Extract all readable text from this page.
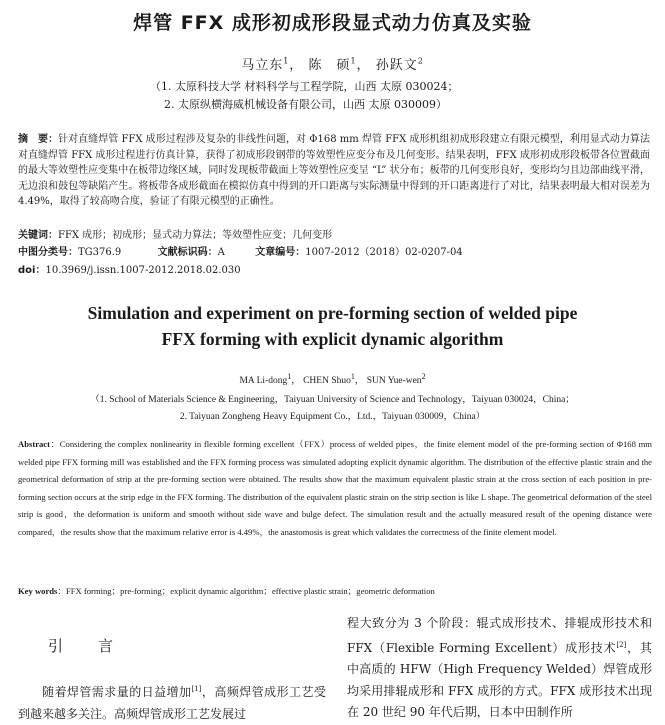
焊管 FFX 成形初成形段显式动力仿真及实验
马立东$^1$， 陈　硕$^1$， 孙跃文$^2$
（1. 太原科技大学 材料科学与工程学院，山西 太原 030024；
2. 太原纵横海威机械设备有限公司，山西 太原 030009）
摘　要：针对直缝焊管 FFX 成形过程涉及复杂的非线性问题，对 Φ168 mm 焊管 FFX 成形机组初成形段建立有限元模型，利用显式动力算法对直缝焊管 FFX 成形过程进行仿真计算，获得了初成形段钢带的等效塑性应变分布及几何变形。结果表明，FFX 成形初成形段板带各位置截面的最大等效塑性应变集中在板带边缘区域，同时发现板带截面上等效塑性应变呈 “L” 状分布；板带的几何变形良好，变形均匀且边部曲线平滑，无边浪和鼓包等缺陷产生。将板带各成形截面在模拟仿真中得到的开口距离与实际测量中得到的开口距离进行了对比，结果表明最大相对误差为 4.49%，取得了较高吻合度，验证了有限元模型的正确性。
关键词：FFX 成形；初成形；显式动力算法；等效塑性应变；几何变形
中图分类号：TG376.9	文献标识码：A	文章编号：1007-2012（2018）02-0207-04
doi：10.3969/j.issn.1007-2012.2018.02.030
Simulation and experiment on pre-forming section of welded pipe
FFX forming with explicit dynamic algorithm
MA Li-dong$^1$， CHEN Shuo$^1$， SUN Yue-wen$^2$
（1. School of Materials Science & Engineering，Taiyuan University of Science and Technology，Taiyuan 030024，China；
2. Taiyuan Zongheng Heavy Equipment Co.，Ltd.，Taiyuan 030009，China）
Abstract：Considering the complex nonlinearity in flexible forming excellent（FFX）process of welded pipes，the finite element model of the pre-forming section of Φ168 mm welded pipe FFX forming mill was established and the FFX forming process was simulated adopting explicit dynamic algorithm. The distribution of the effective plastic strain and the geometrical deformation of strip at the pre-forming section were obtained. The results show that the maximum equivalent plastic strain at the cross section of each position in pre-forming section occurs at the strip edge in the FFX forming. The distribution of the equivalent plastic strain on the strip section is like L shape. The geometrical deformation of the steel strip is good，the deformation is uniform and smooth without side wave and bulge defect. The simulation result and the actually measured result of the opening distance were compared，the results show that the maximum relative error is 4.49%，the anastomosis is great which validates the correctness of the finite element model.
Key words：FFX forming；pre-forming；explicit dynamic algorithm；effective plastic strain；geometric deformation
引　言
随着焊管需求量的日益增加[1]，高频焊管成形工艺受到越来越多关注。高频焊管成形工艺发展过
程大致分为 3 个阶段：辊式成形技术、排辊成形技术和 FFX（Flexible Forming Excellent）成形技术[2]，其中高质的 HFW（High Frequency Welded）焊管成形均采用排辊成形和 FFX 成形的方式。FFX 成形技术出现在 20 世纪 90 年代后期，日本中田制作所
